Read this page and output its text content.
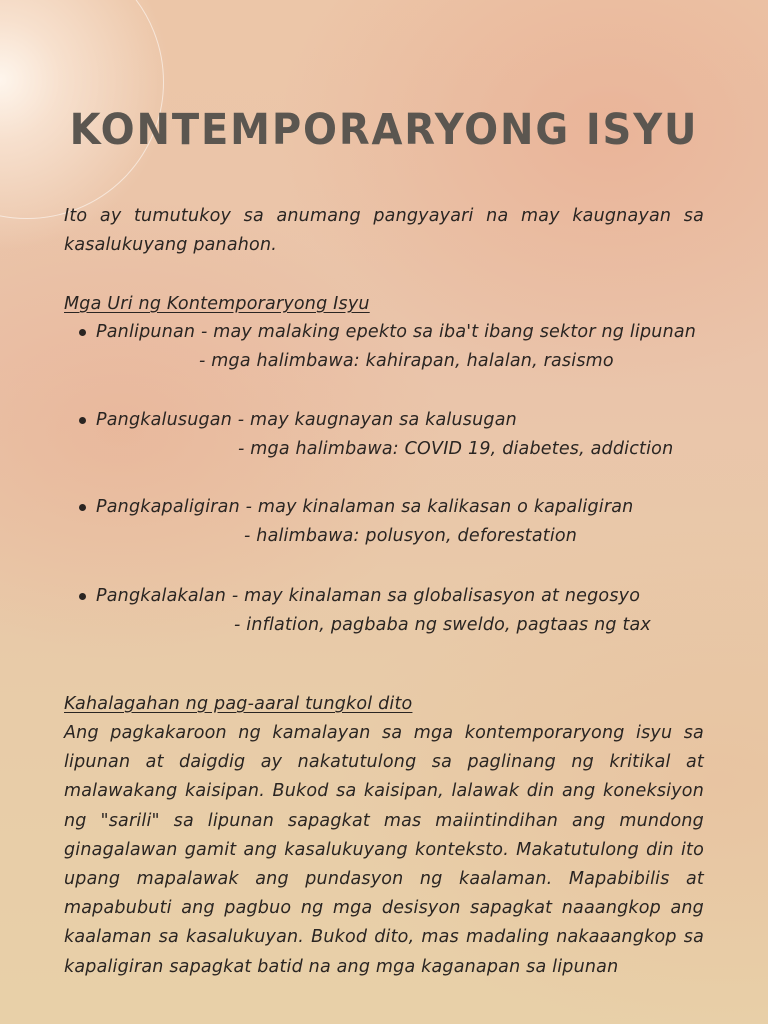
KONTEMPORARYONG ISYU
Ito ay tumutukoy sa anumang pangyayari na may kaugnayan sa kasalukuyang panahon.
Mga Uri ng Kontemporaryong Isyu
Panlipunan - may malaking epekto sa iba't ibang sektor ng lipunan
- mga halimbawa: kahirapan, halalan, rasismo
Pangkalusugan - may kaugnayan sa kalusugan
- mga halimbawa: COVID 19, diabetes, addiction
Pangkapaligiran - may kinalaman sa kalikasan o kapaligiran
- halimbawa: polusyon, deforestation
Pangkalakalan - may kinalaman sa globalisasyon at negosyo
- inflation, pagbaba ng sweldo, pagtaas ng tax
Kahalagahan ng pag-aaral tungkol dito
Ang pagkakaroon ng kamalayan sa mga kontemporaryong isyu sa lipunan at daigdig ay nakatutulong sa paglinang ng kritikal at malawakang kaisipan. Bukod sa kaisipan, lalawak din ang koneksiyon ng "sarili" sa lipunan sapagkat mas maiintindihan ang mundong ginagalawan gamit ang kasalukuyang konteksto. Makatutulong din ito upang mapalawak ang pundasyon ng kaalaman. Mapabibilis at mapabubuti ang pagbuo ng mga desisyon sapagkat naaangkop ang kaalaman sa kasalukuyan. Bukod dito, mas madaling nakaaangkop sa kapaligiran sapagkat batid na ang mga kaganapan sa lipunan
